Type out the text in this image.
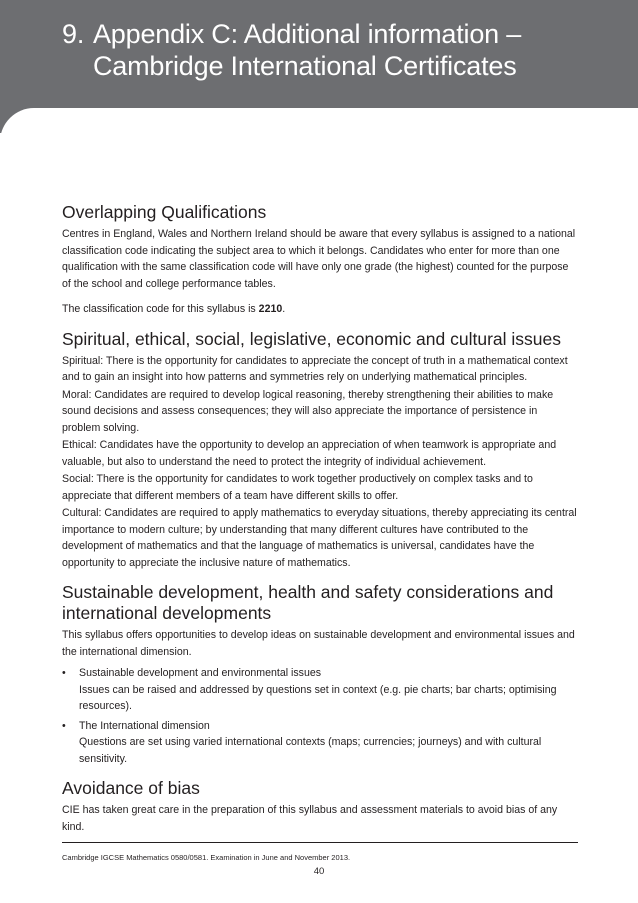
9. Appendix C: Additional information –
Cambridge International Certificates
Overlapping Qualifications

Centres in England, Wales and Northern Ireland should be aware that every syllabus is assigned to a national classification code indicating the subject area to which it belongs. Candidates who enter for more than one qualification with the same classification code will have only one grade (the highest) counted for the purpose of the school and college performance tables.

The classification code for this syllabus is 2210.

Spiritual, ethical, social, legislative, economic and cultural issues

Spiritual: There is the opportunity for candidates to appreciate the concept of truth in a mathematical context and to gain an insight into how patterns and symmetries rely on underlying mathematical principles.

Moral: Candidates are required to develop logical reasoning, thereby strengthening their abilities to make sound decisions and assess consequences; they will also appreciate the importance of persistence in problem solving.

Ethical: Candidates have the opportunity to develop an appreciation of when teamwork is appropriate and valuable, but also to understand the need to protect the integrity of individual achievement.

Social: There is the opportunity for candidates to work together productively on complex tasks and to appreciate that different members of a team have different skills to offer.

Cultural: Candidates are required to apply mathematics to everyday situations, thereby appreciating its central importance to modern culture; by understanding that many different cultures have contributed to the development of mathematics and that the language of mathematics is universal, candidates have the opportunity to appreciate the inclusive nature of mathematics.

Sustainable development, health and safety considerations and international developments

This syllabus offers opportunities to develop ideas on sustainable development and environmental issues and the international dimension.

• Sustainable development and environmental issues
Issues can be raised and addressed by questions set in context (e.g. pie charts; bar charts; optimising resources).
• The International dimension
Questions are set using varied international contexts (maps; currencies; journeys) and with cultural sensitivity.
Avoidance of bias

CIE has taken great care in the preparation of this syllabus and assessment materials to avoid bias of any kind.

Cambridge IGCSE Mathematics 0580/0581. Examination in June and November 2013.
40
